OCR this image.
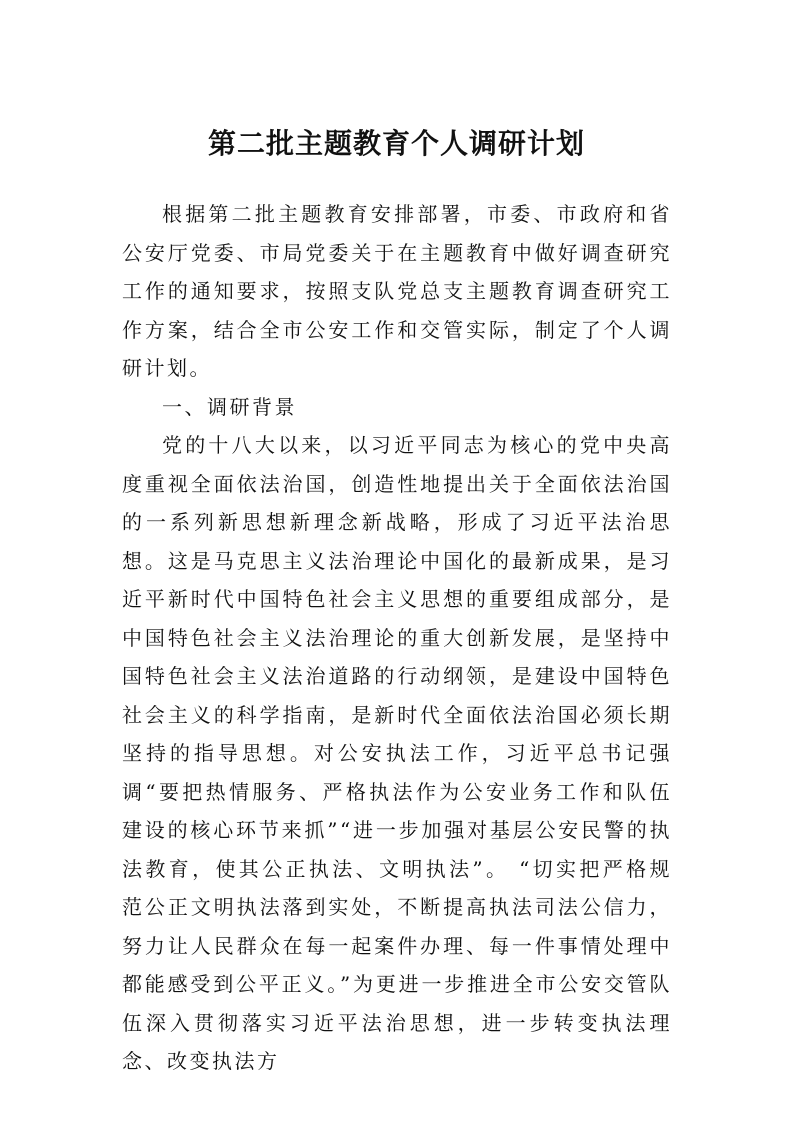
第二批主题教育个人调研计划

根据第二批主题教育安排部署，市委、市政府和省公安厅党委、市局党委关于在主题教育中做好调查研究工作的通知要求，按照支队党总支主题教育调查研究工作方案，结合全市公安工作和交管实际，制定了个人调研计划。

一、调研背景

党的十八大以来，以习近平同志为核心的党中央高度重视全面依法治国，创造性地提出关于全面依法治国的一系列新思想新理念新战略，形成了习近平法治思想。这是马克思主义法治理论中国化的最新成果，是习近平新时代中国特色社会主义思想的重要组成部分，是中国特色社会主义法治理论的重大创新发展，是坚持中国特色社会主义法治道路的行动纲领，是建设中国特色社会主义的科学指南，是新时代全面依法治国必须长期坚持的指导思想。对公安执法工作，习近平总书记强调“要把热情服务、严格执法作为公安业务工作和队伍建设的核心环节来抓”“进一步加强对基层公安民警的执法教育，使其公正执法、文明执法”。 “切实把严格规范公正文明执法落到实处，不断提高执法司法公信力，努力让人民群众在每一起案件办理、每一件事情处理中都能感受到公平正义。”为更进一步推进全市公安交管队伍深入贯彻落实习近平法治思想，进一步转变执法理念、改变执法方
